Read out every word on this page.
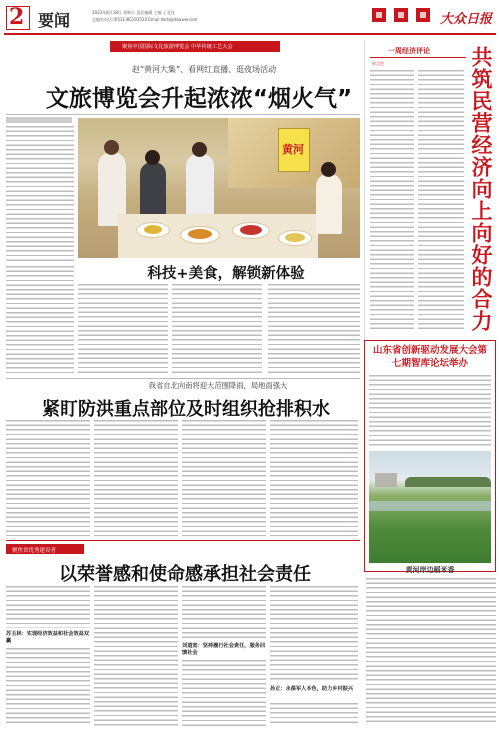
2 要闻	2023年8月18日 星期五 责任编辑 主编 王北良
总编室电话:(0531)85193520 Email:dzrb@dzwww.com	大众日报
聚焦中国国际文化旅游博览会 中华传统工艺大会
赵“黄河大集”、看网红直播、逛夜场活动
文旅博览会升起浓浓“烟火气”
黄河
科技+美食，解锁新体验
一周经济评论
时言论	共筑民营经济向上向好的合力
我省自北向南将迎大范围降雨，局地雨强大
紧盯防洪重点部位及时组织抢排积水
山东省创新驱动发展大会第七期智库论坛举办
黄河岸边稻米香
聚焦省优秀建设者
以荣誉感和使命感承担社会责任
苏玉林：实现经济效益和社会效益双赢
刘道宽：坚持履行社会责任，服务回馈社会
孙正：永葆军人本色，助力乡村振兴
